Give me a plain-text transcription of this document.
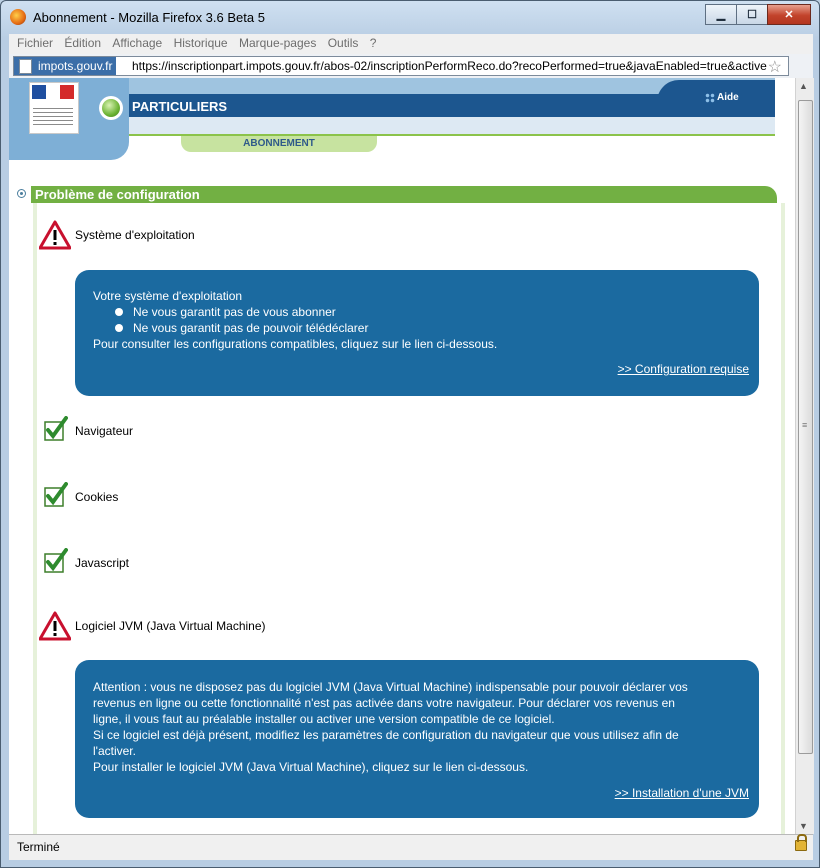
Abonnement - Mozilla Firefox 3.6 Beta 5	▁	☐	✕
Fichier Édition Affichage Historique Marque-pages Outils ?
impots.gouv.fr	https://inscriptionpart.impots.gouv.fr/abos-02/inscriptionPerformReco.do?recoPerformed=true&javaEnabled=true&active ☆
PARTICULIERS
Aide
ABONNEMENT
Problème de configuration
Système d'exploitation

Votre système d'exploitation

Ne vous garantit pas de vous abonner
Ne vous garantit pas de pouvoir télédéclarer

Pour consulter les configurations compatibles, cliquez sur le lien ci-dessous.

>> Configuration requise
Navigateur
Cookies
Javascript
Logiciel JVM (Java Virtual Machine)

Attention : vous ne disposez pas du logiciel JVM (Java Virtual Machine) indispensable pour pouvoir déclarer vos

revenus en ligne ou cette fonctionnalité n'est pas activée dans votre navigateur. Pour déclarer vos revenus en

ligne, il vous faut au préalable installer ou activer une version compatible de ce logiciel.

Si ce logiciel est déjà présent, modifiez les paramètres de configuration du navigateur que vous utilisez afin de

l'activer.

Pour installer le logiciel JVM (Java Virtual Machine), cliquez sur le lien ci-dessous.

>> Installation d'une JVM
▲
≡
▼
Terminé
